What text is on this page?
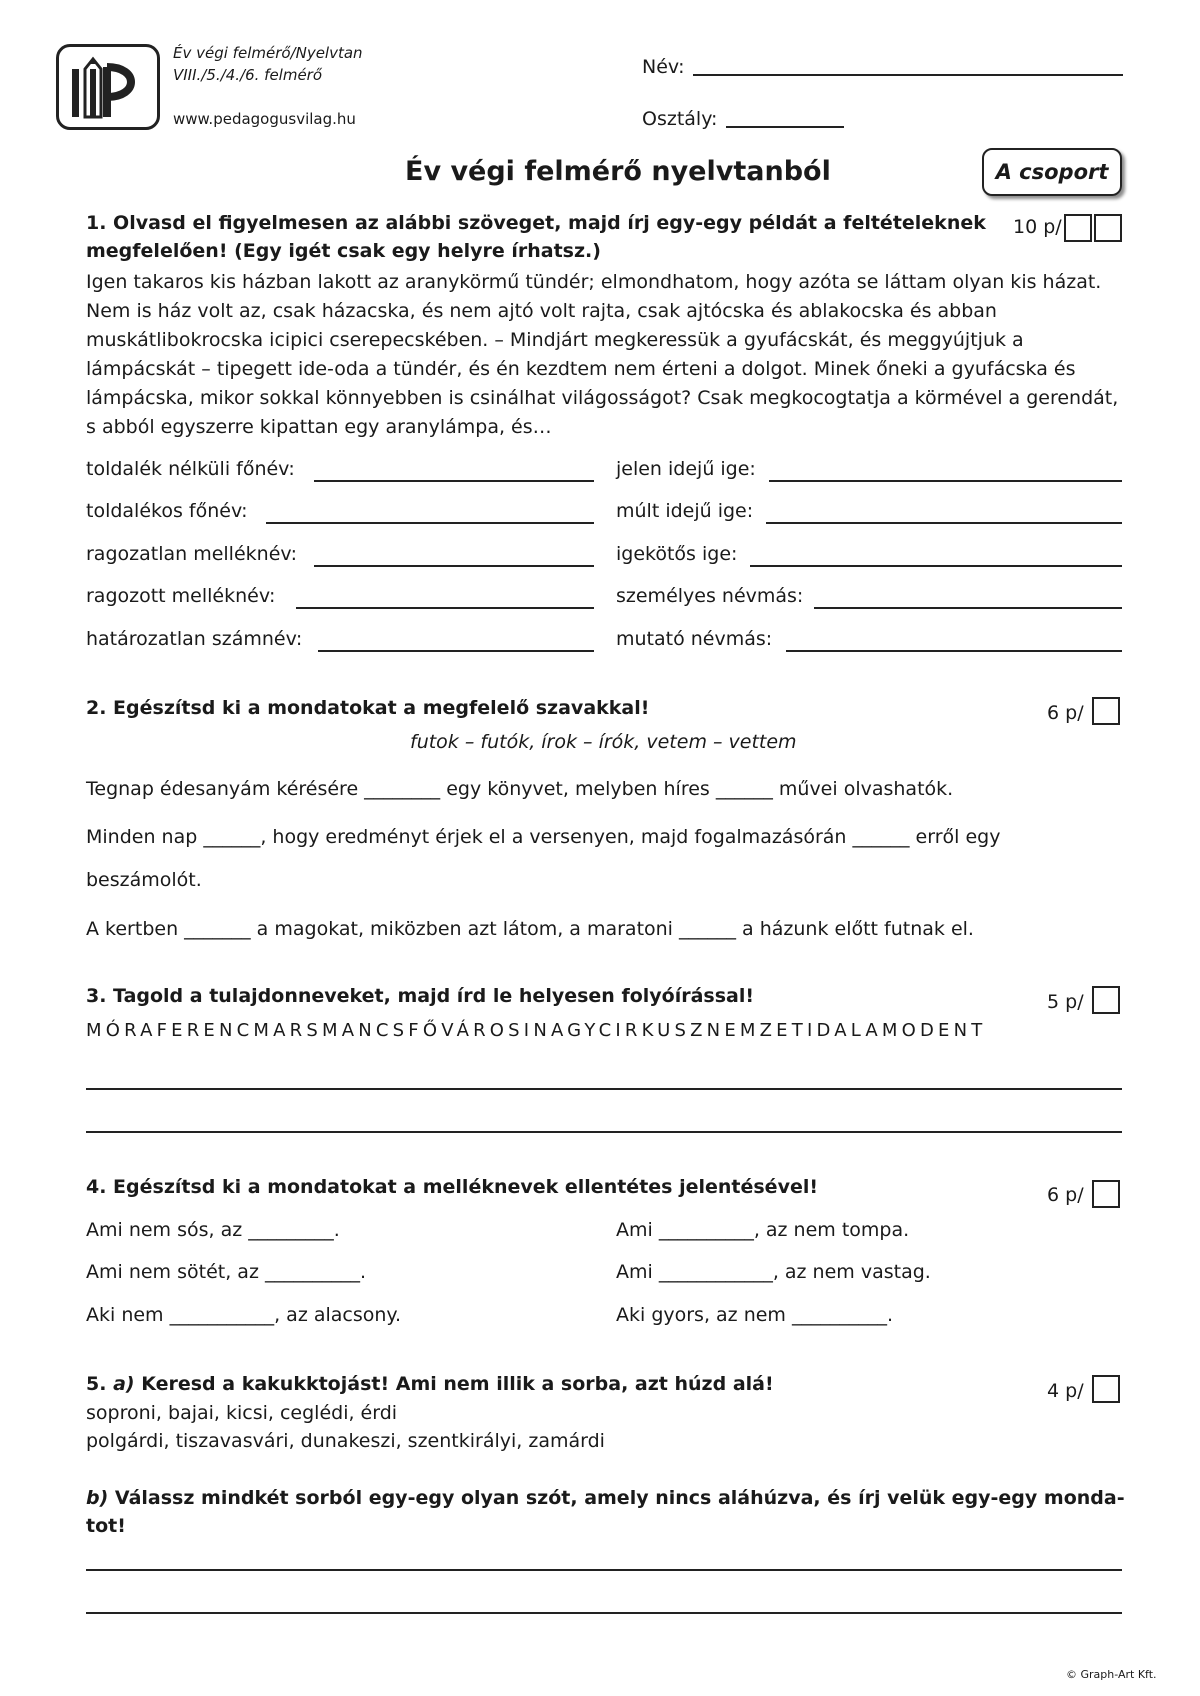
Év végi felmérő/Nyelvtan
VIII./5./4./6. felmérő
www.pedagogusvilag.hu
Név:
Osztály:
Év végi felmérő nyelvtanból	A csoport
1. Olvasd el figyelmesen az alábbi szöveget, majd írj egy-egy példát a feltételeknek
megfelelően! (Egy igét csak egy helyre írhatsz.)
10 p/
Igen takaros kis házban lakott az aranykörmű tündér; elmondhatom, hogy azóta se láttam olyan kis házat. Nem is ház volt az, csak házacska, és nem ajtó volt rajta, csak ajtócska és ablakocska és abban muskátlibokrocska icipici cserepecskében. – Mindjárt megkeressük a gyufácskát, és meggyújtjuk a lámpácskát – tipegett ide-oda a tündér, és én kezdtem nem érteni a dolgot. Minek őneki a gyufácska és lámpácska, mikor sokkal könnyebben is csinálhat világosságot? Csak megkocogtatja a körmével a gerendát, s abból egyszerre kipattan egy aranylámpa, és…
toldalék nélküli főnév:
toldalékos főnév:
ragozatlan melléknév:
ragozott melléknév:
határozatlan számnév:
jelen idejű ige:
múlt idejű ige:
igekötős ige:
személyes névmás:
mutató névmás:
2. Egészítsd ki a mondatokat a megfelelő szavakkal!	6 p/
futok – futók, írok – írók, vetem – vettem
Tegnap édesanyám kérésére ________ egy könyvet, melyben híres ______ művei olvashatók.
Minden nap ______, hogy eredményt érjek el a versenyen, majd fogalmazásórán ______ erről egy
beszámolót.
A kertben _______ a magokat, miközben azt látom, a maratoni ______ a házunk előtt futnak el.
3. Tagold a tulajdonneveket, majd írd le helyesen folyóírással!	5 p/
MÓRAFERENCMARSMANCSFŐVÁROSINAGYCIRKUSZNEMZETIDALAMODENT
4. Egészítsd ki a mondatokat a melléknevek ellentétes jelentésével!	6 p/
Ami nem sós, az _________.
Ami nem sötét, az __________.
Aki nem ___________, az alacsony.
Ami __________, az nem tompa.
Ami ____________, az nem vastag.
Aki gyors, az nem __________.
5. a) Keresd a kakukktojást! Ami nem illik a sorba, azt húzd alá!	4 p/
soproni, bajai, kicsi, ceglédi, érdi
polgárdi, tiszavasvári, dunakeszi, szentkirályi, zamárdi
b) Válassz mindkét sorból egy-egy olyan szót, amely nincs aláhúzva, és írj velük egy-egy monda-
tot!
© Graph-Art Kft.
